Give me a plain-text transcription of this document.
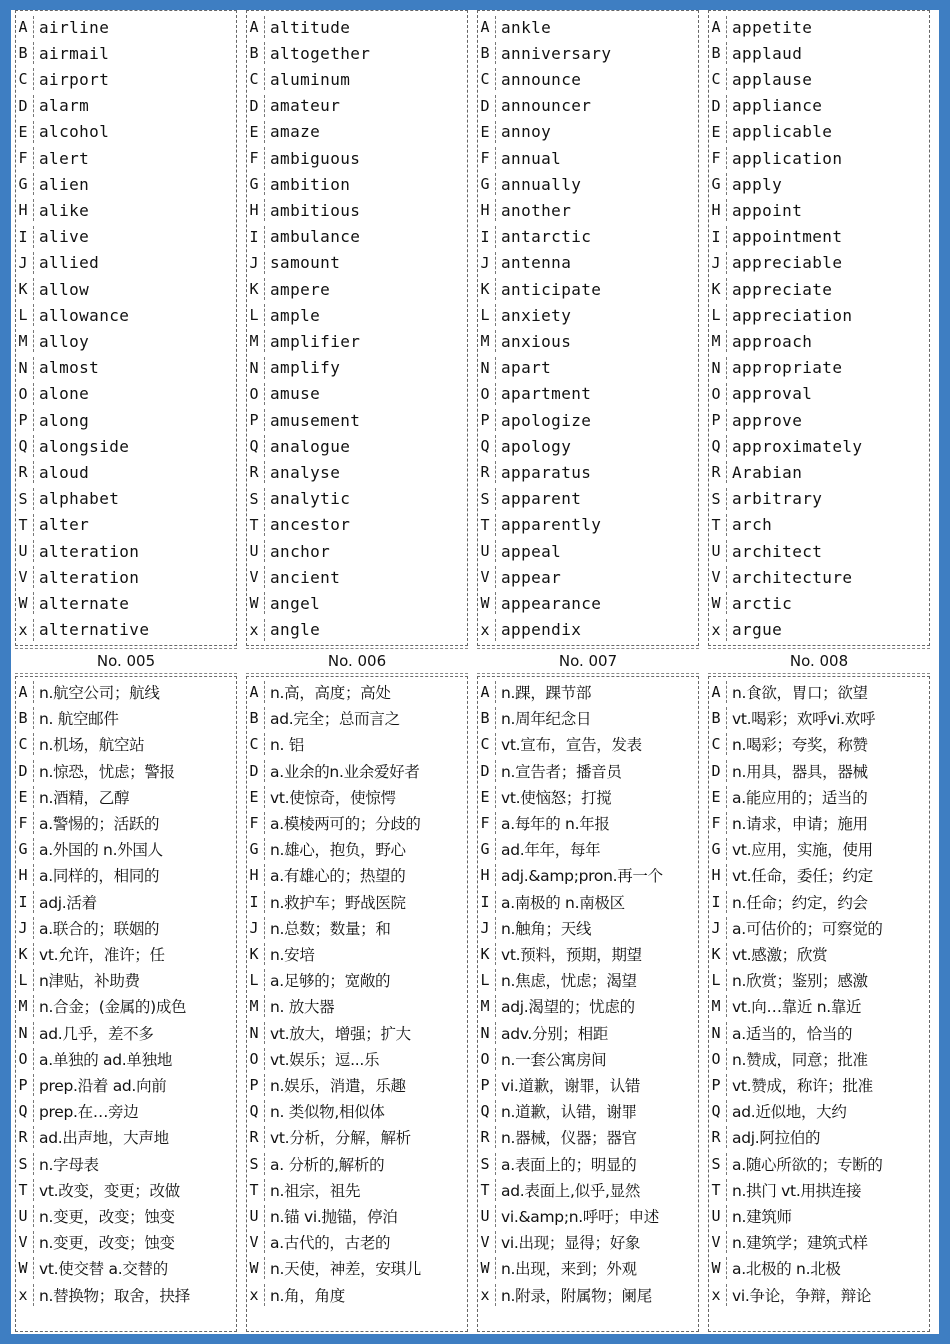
No. 005
A airline
A n.航空公司；航线
B airmail
B n. 航空邮件
C airport
C n.机场，航空站
D alarm
D n.惊恐，忧虑；警报
E alcohol
E n.酒精，乙醇
F alert
F a.警惕的；活跃的
G alien
G a.外国的 n.外国人
H alike
H a.同样的，相同的
I alive
I adj.活着
J allied
J a.联合的；联姻的
K allow
K vt.允许，准许；任
L allowance
L n津贴，补助费
M alloy
M n.合金；(金属的)成色
N almost
N ad.几乎，差不多
O alone
O a.单独的 ad.单独地
P along
P prep.沿着 ad.向前
Q alongside
Q prep.在…旁边
R aloud
R ad.出声地，大声地
S alphabet
S n.字母表
T alter
T vt.改变，变更；改做
U alteration
U n.变更，改变；蚀变
V alteration
V n.变更，改变；蚀变
W alternate
W vt.使交替 a.交替的
x alternative
x n.替换物；取舍，抉择
No. 006
A altitude
A n.高，高度；高处
B altogether
B ad.完全；总而言之
C aluminum
C n. 铝
D amateur
D a.业余的n.业余爱好者
E amaze
E vt.使惊奇，使惊愕
F ambiguous
F a.模棱两可的；分歧的
G ambition
G n.雄心，抱负，野心
H ambitious
H a.有雄心的；热望的
I ambulance
I n.救护车；野战医院
J samount
J n.总数；数量；和
K ampere
K n.安培
L ample
L a.足够的；宽敞的
M amplifier
M n. 放大器
N amplify
N vt.放大，增强；扩大
O amuse
O vt.娱乐；逗...乐
P amusement
P n.娱乐，消遣，乐趣
Q analogue
Q n. 类似物,相似体
R analyse
R vt.分析，分解，解析
S analytic
S a. 分析的,解析的
T ancestor
T n.祖宗，祖先
U anchor
U n.锚 vi.抛锚，停泊
V ancient
V a.古代的，古老的
W angel
W n.天使，神差，安琪儿
x angle
x n.角，角度
No. 007
A ankle
A n.踝，踝节部
B anniversary
B n.周年纪念日
C announce
C vt.宣布，宣告，发表
D announcer
D n.宣告者；播音员
E annoy
E vt.使恼怒；打搅
F annual
F a.每年的 n.年报
G annually
G ad.年年，每年
H another
H adj.&amp;pron.再一个
I antarctic
I a.南极的 n.南极区
J antenna
J n.触角；天线
K anticipate
K vt.预料，预期，期望
L anxiety
L n.焦虑，忧虑；渴望
M anxious
M adj.渴望的；忧虑的
N apart
N adv.分别；相距
O apartment
O n.一套公寓房间
P apologize
P vi.道歉，谢罪，认错
Q apology
Q n.道歉，认错，谢罪
R apparatus
R n.器械，仪器；器官
S apparent
S a.表面上的；明显的
T apparently
T ad.表面上,似乎,显然
U appeal
U vi.&amp;n.呼吁；申述
V appear
V vi.出现；显得；好象
W appearance
W n.出现，来到；外观
x appendix
x n.附录，附属物；阑尾
No. 008
A appetite
A n.食欲，胃口；欲望
B applaud
B vt.喝彩；欢呼vi.欢呼
C applause
C n.喝彩；夸奖，称赞
D appliance
D n.用具，器具，器械
E applicable
E a.能应用的；适当的
F application
F n.请求，申请；施用
G apply
G vt.应用，实施，使用
H appoint
H vt.任命，委任；约定
I appointment
I n.任命；约定，约会
J appreciable
J a.可估价的；可察觉的
K appreciate
K vt.感激；欣赏
L appreciation
L n.欣赏；鉴别；感激
M approach
M vt.向…靠近 n.靠近
N appropriate
N a.适当的，恰当的
O approval
O n.赞成，同意；批准
P approve
P vt.赞成，称许；批准
Q approximately
Q ad.近似地，大约
R Arabian
R adj.阿拉伯的
S arbitrary
S a.随心所欲的；专断的
T arch
T n.拱门 vt.用拱连接
U architect
U n.建筑师
V architecture
V n.建筑学；建筑式样
W arctic
W a.北极的 n.北极
x argue
x vi.争论，争辩，辩论
